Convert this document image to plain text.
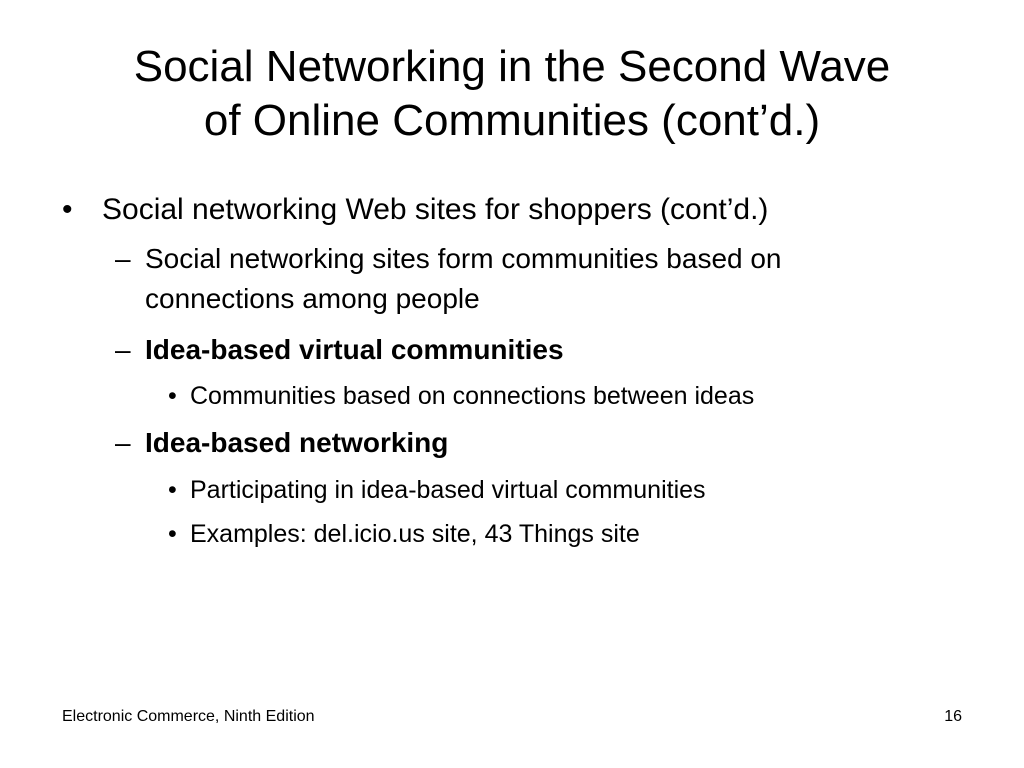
Social Networking in the Second Wave
of Online Communities (cont’d.)
• Social networking Web sites for shoppers (cont’d.)
– Social networking sites form communities based on
connections among people
– Idea-based virtual communities
• Communities based on connections between ideas
– Idea-based networking
• Participating in idea-based virtual communities
• Examples: del.icio.us site, 43 Things site
Electronic Commerce, Ninth Edition	16
